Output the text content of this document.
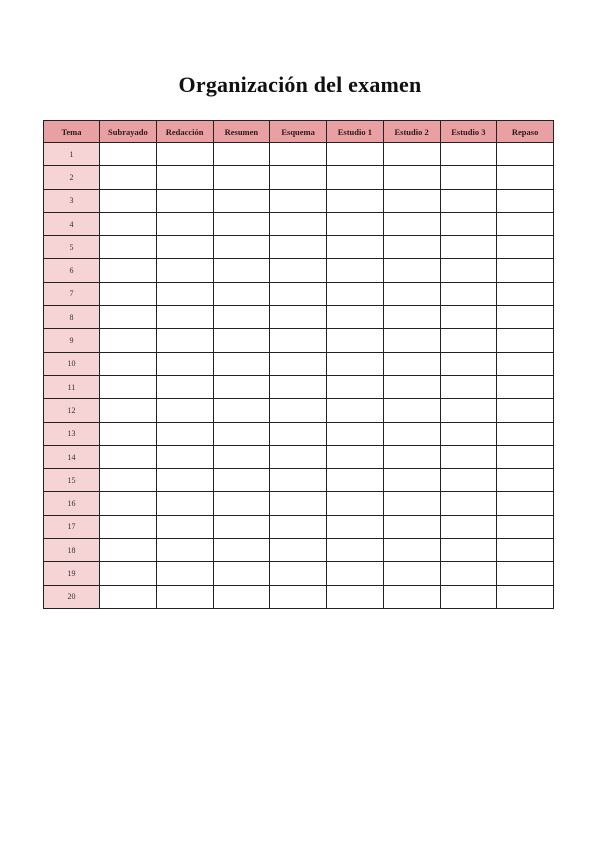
Organización del examen
Tema	Subrayado	Redacción	Resumen	Esquema	Estudio 1	Estudio 2	Estudio 3	Repaso
1								
2								
3								
4								
5								
6								
7								
8								
9								
10								
11								
12								
13								
14								
15								
16								
17								
18								
19								
20								
